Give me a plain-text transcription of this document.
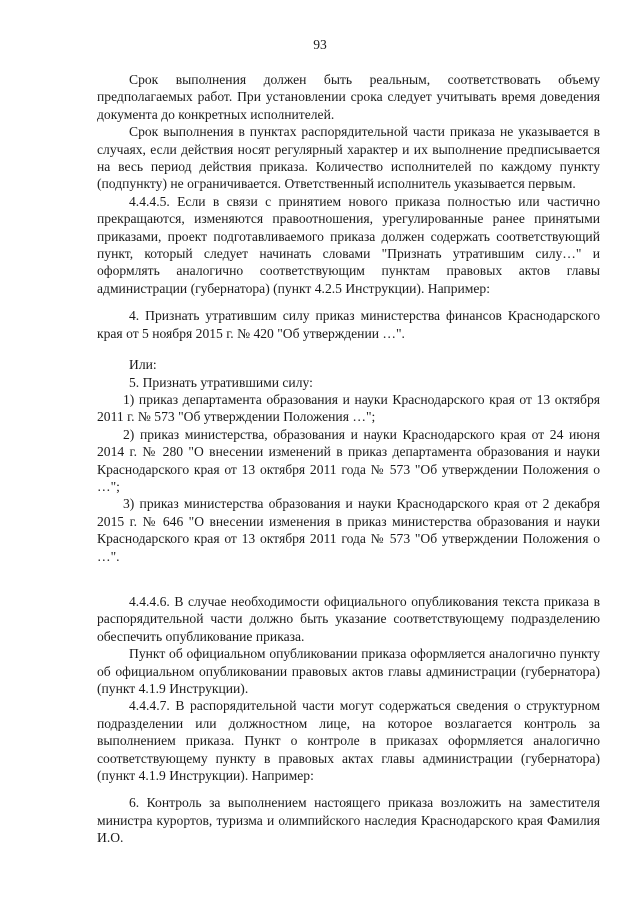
93

Срок выполнения должен быть реальным, соответствовать объему предполагаемых работ. При установлении срока следует учитывать время доведения документа до конкретных исполнителей.

Срок выполнения в пунктах распорядительной части приказа не указывается в случаях, если действия носят регулярный характер и их выполнение предписывается на весь период действия приказа. Количество исполнителей по каждому пункту (подпункту) не ограничивается. Ответственный исполнитель указывается первым.

4.4.4.5. Если в связи с принятием нового приказа полностью или частично прекращаются, изменяются правоотношения, урегулированные ранее принятыми приказами, проект подготавливаемого приказа должен содержать соответствующий пункт, который следует начинать словами "Признать утратившим силу…" и оформлять аналогично соответствующим пунктам правовых актов главы администрации (губернатора) (пункт 4.2.5 Инструкции). Например:

4. Признать утратившим силу приказ министерства финансов Краснодарского края от 5 ноября 2015 г. № 420 "Об утверждении …".

Или:

5. Признать утратившими силу:

1) приказ департамента образования и науки Краснодарского края от 13 октября 2011 г. № 573 "Об утверждении Положения …";

2) приказ министерства, образования и науки Краснодарского края от 24 июня 2014 г. № 280 "О внесении изменений в приказ департамента образования и науки Краснодарского края от 13 октября 2011 года № 573 "Об утверждении Положения о …";

3) приказ министерства образования и науки Краснодарского края от 2 декабря 2015 г. № 646 "О внесении изменения в приказ министерства образования и науки Краснодарского края от 13 октября 2011 года № 573 "Об утверждении Положения о …".

4.4.4.6. В случае необходимости официального опубликования текста приказа в распорядительной части должно быть указание соответствующему подразделению обеспечить опубликование приказа.

Пункт об официальном опубликовании приказа оформляется аналогично пункту об официальном опубликовании правовых актов главы администрации (губернатора) (пункт 4.1.9 Инструкции).

4.4.4.7. В распорядительной части могут содержаться сведения о структурном подразделении или должностном лице, на которое возлагается контроль за выполнением приказа. Пункт о контроле в приказах оформляется аналогично соответствующему пункту в правовых актах главы администрации (губернатора) (пункт 4.1.9 Инструкции). Например:

6. Контроль за выполнением настоящего приказа возложить на заместителя министра курортов, туризма и олимпийского наследия Краснодарского края Фамилия И.О.
